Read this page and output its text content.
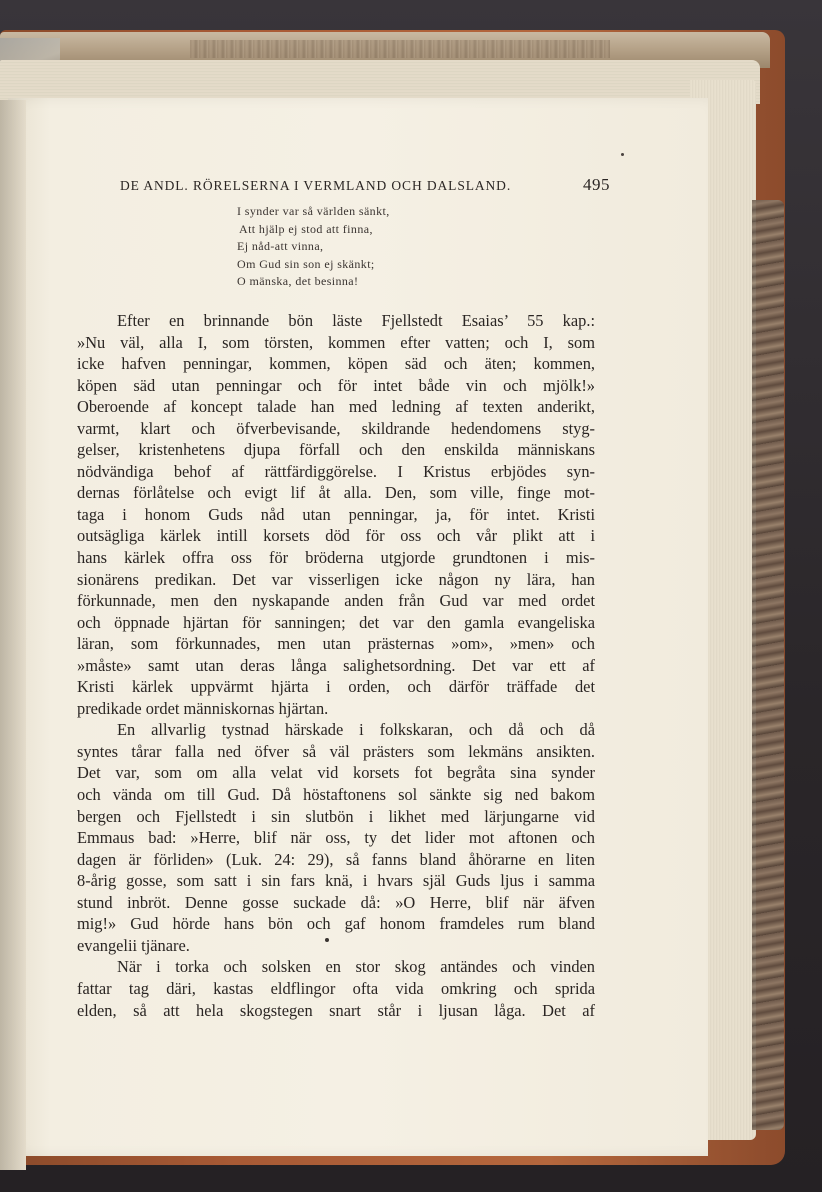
DE ANDL. RÖRELSERNA I VERMLAND OCH DALSLAND.	495
I synder var så världen sänkt,
Att hjälp ej stod att finna,
Ej nåd-att vinna,
Om Gud sin son ej skänkt;
O mänska, det besinna!
Efter en brinnande bön läste Fjellstedt Esaias’ 55 kap.:
»Nu väl, alla I, som törsten, kommen efter vatten; och I, som
icke hafven penningar, kommen, köpen säd och äten; kommen,
köpen säd utan penningar och för intet både vin och mjölk!»
Oberoende af koncept talade han med ledning af texten anderikt,
varmt, klart och öfverbevisande, skildrande hedendomens styg-
gelser, kristenhetens djupa förfall och den enskilda människans
nödvändiga behof af rättfärdiggörelse. I Kristus erbjödes syn-
dernas förlåtelse och evigt lif åt alla. Den, som ville, finge mot-
taga i honom Guds nåd utan penningar, ja, för intet. Kristi
outsägliga kärlek intill korsets död för oss och vår plikt att i
hans kärlek offra oss för bröderna utgjorde grundtonen i mis-
sionärens predikan. Det var visserligen icke någon ny lära, han
förkunnade, men den nyskapande anden från Gud var med ordet
och öppnade hjärtan för sanningen; det var den gamla evangeliska
läran, som förkunnades, men utan prästernas »om», »men» och
»måste» samt utan deras långa salighetsordning. Det var ett af
Kristi kärlek uppvärmt hjärta i orden, och därför träffade det
predikade ordet människornas hjärtan.
En allvarlig tystnad härskade i folkskaran, och då och då
syntes tårar falla ned öfver så väl prästers som lekmäns ansikten.
Det var, som om alla velat vid korsets fot begråta sina synder
och vända om till Gud. Då höstaftonens sol sänkte sig ned bakom
bergen och Fjellstedt i sin slutbön i likhet med lärjungarne vid
Emmaus bad: »Herre, blif när oss, ty det lider mot aftonen och
dagen är förliden» (Luk. 24: 29), så fanns bland åhörarne en liten
8-årig gosse, som satt i sin fars knä, i hvars själ Guds ljus i samma
stund inbröt. Denne gosse suckade då: »O Herre, blif när äfven
mig!» Gud hörde hans bön och gaf honom framdeles rum bland
evangelii tjänare.
När i torka och solsken en stor skog antändes och vinden
fattar tag däri, kastas eldflingor ofta vida omkring och sprida
elden, så att hela skogstegen snart står i ljusan låga. Det af
